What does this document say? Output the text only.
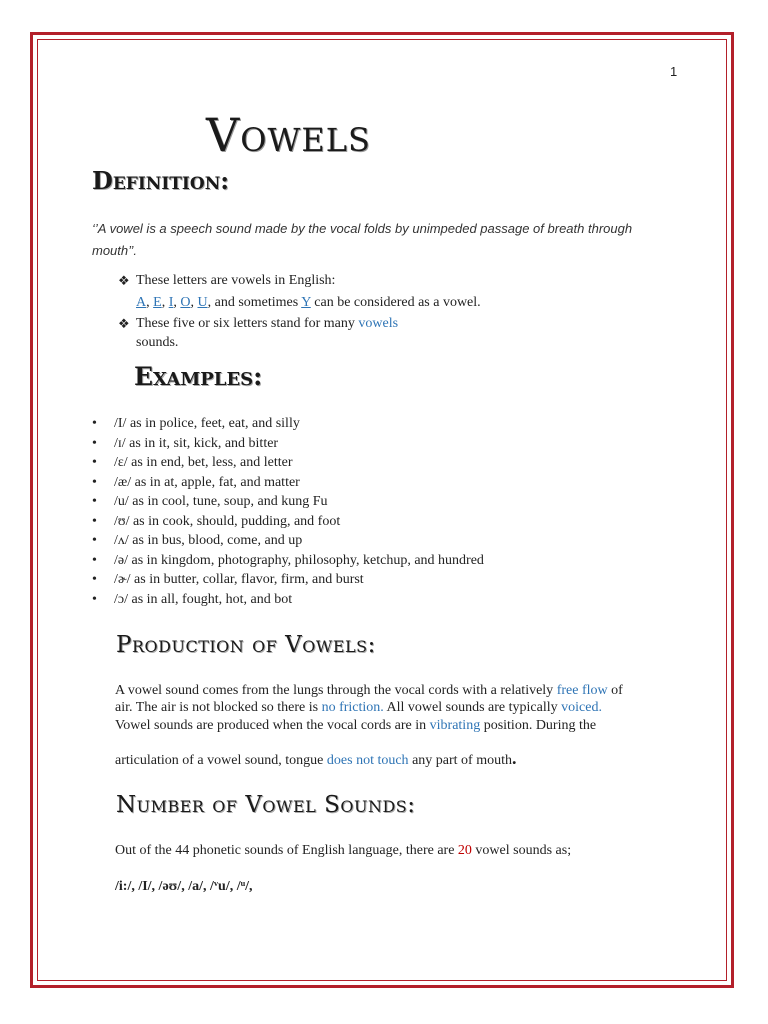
1
Vowels
Definition:
‘’A vowel is a speech sound made by the vocal folds by unimpeded passage of breath through mouth’’.
❖ These letters are vowels in English:
A, E, I, O, U, and sometimes Y can be considered as a vowel.
❖ These five or six letters stand for many vowels
sounds.
Examples:
• /I/ as in police, feet, eat, and silly
• /ɪ/ as in it, sit, kick, and bitter
• /ɛ/ as in end, bet, less, and letter
• /æ/ as in at, apple, fat, and matter
• /u/ as in cool, tune, soup, and kung Fu
• /ʊ/ as in cook, should, pudding, and foot
• /ʌ/ as in bus, blood, come, and up
• /ə/ as in kingdom, photography, philosophy, ketchup, and hundred
• /ɚ/ as in butter, collar, flavor, firm, and burst
• /ɔ/ as in all, fought, hot, and bot
Production of Vowels:
A vowel sound comes from the lungs through the vocal cords with a relatively free flow of
air. The air is not blocked so there is no friction. All vowel sounds are typically voiced.
Vowel sounds are produced when the vocal cords are in vibrating position. During the
articulation of a vowel sound, tongue does not touch any part of mouth.
Number of Vowel Sounds:
Out of the 44 phonetic sounds of English language, there are 20 vowel sounds as;
/i:/, /I/, /əʊ/, /a/, /ᵛu/, /ᵘ/,
